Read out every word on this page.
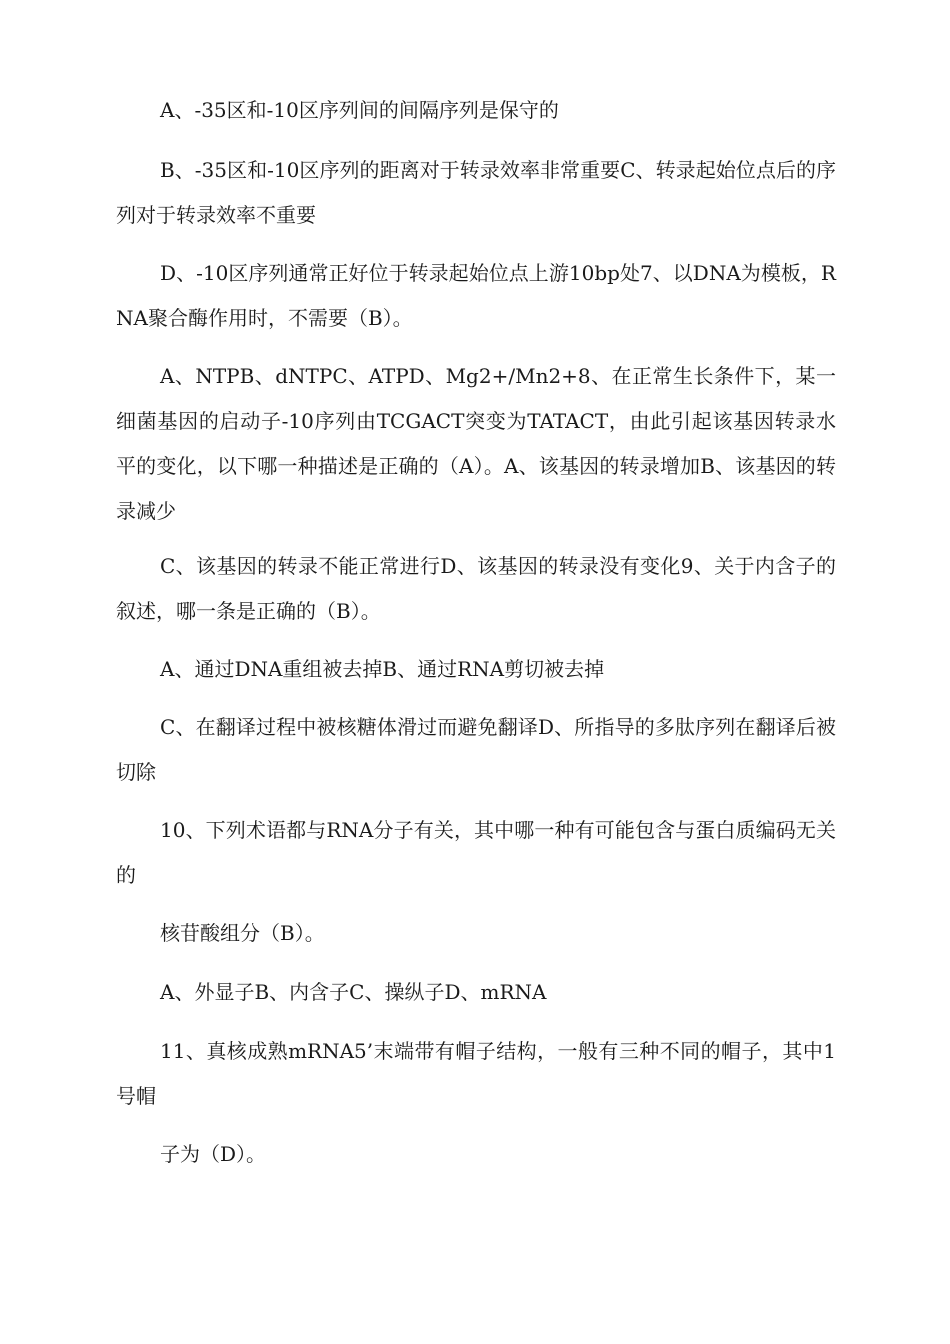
A、-35区和-10区序列间的间隔序列是保守的

B、-35区和-10区序列的距离对于转录效率非常重要C、转录起始位点后的序列对于转录效率不重要

D、-10区序列通常正好位于转录起始位点上游10bp处7、以DNA为模板，RNA聚合酶作用时，不需要（B）。

A、NTPB、dNTPC、ATPD、Mg2+/Mn2+8、在正常生长条件下，某一细菌基因的启动子-10序列由TCGACT突变为TATACT，由此引起该基因转录水平的变化，以下哪一种描述是正确的（A）。A、该基因的转录增加B、该基因的转录减少

C、该基因的转录不能正常进行D、该基因的转录没有变化9、关于内含子的叙述，哪一条是正确的（B）。

A、通过DNA重组被去掉B、通过RNA剪切被去掉

C、在翻译过程中被核糖体滑过而避免翻译D、所指导的多肽序列在翻译后被切除

10、下列术语都与RNA分子有关，其中哪一种有可能包含与蛋白质编码无关的

核苷酸组分（B）。

A、外显子B、内含子C、操纵子D、mRNA

11、真核成熟mRNA5’末端带有帽子结构，一般有三种不同的帽子，其中1号帽

子为（D）。
